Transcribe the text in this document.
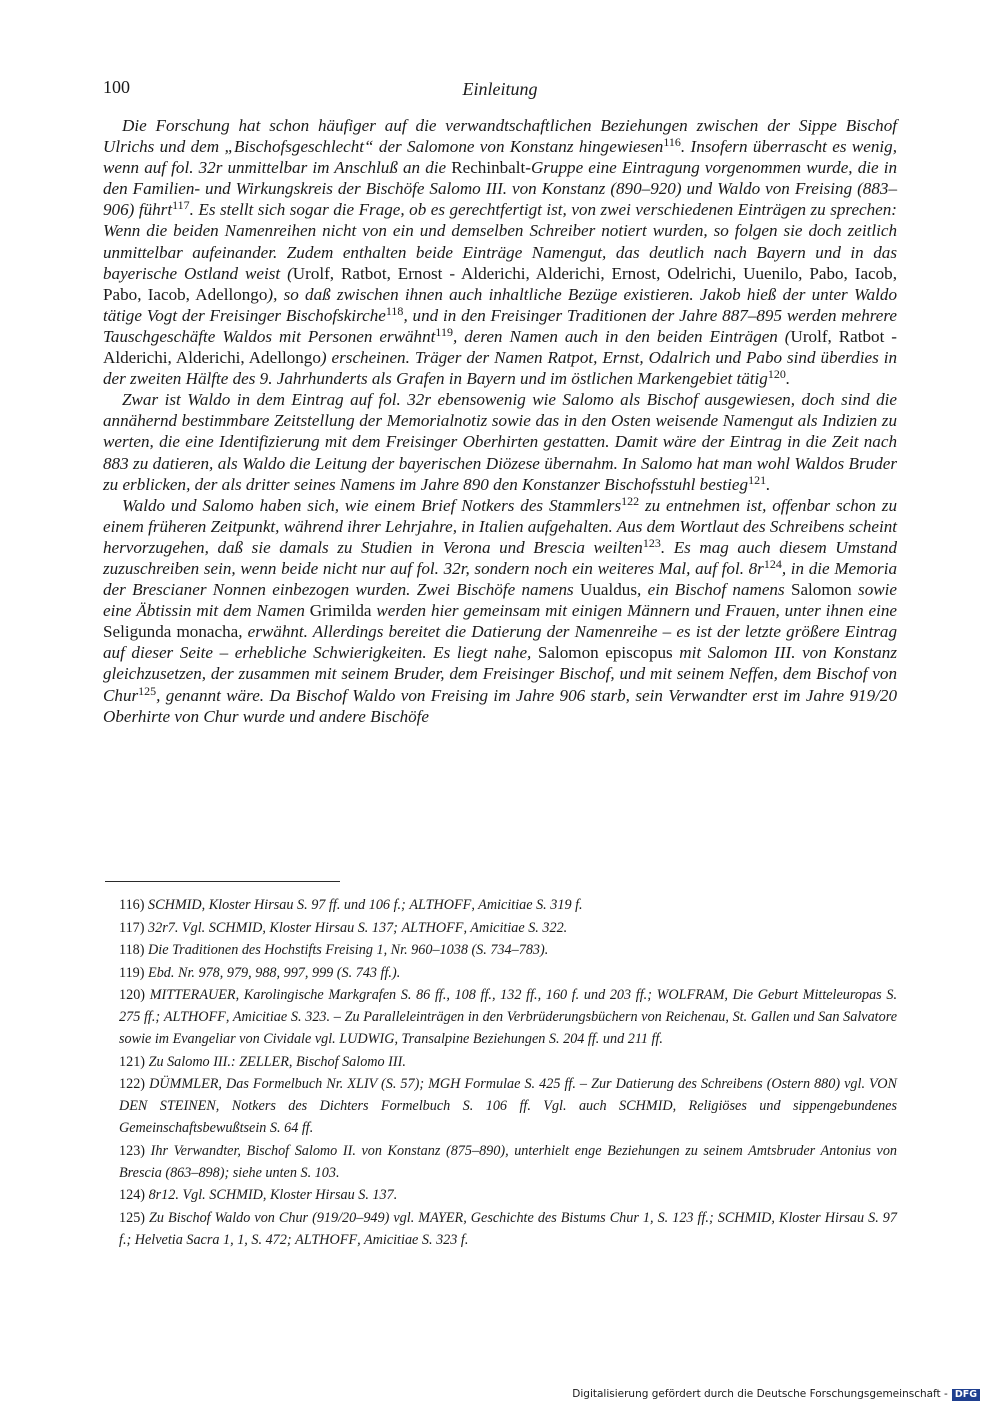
100	Einleitung

Die Forschung hat schon häufiger auf die verwandtschaftlichen Beziehungen zwischen der Sippe Bischof Ulrichs und dem „Bischofsgeschlecht“ der Salomone von Konstanz hingewiesen$^{116}$. Insofern überrascht es wenig, wenn auf fol. 32r unmittelbar im Anschluß an die Rechinbalt-Gruppe eine Eintragung vorgenommen wurde, die in den Familien- und Wirkungskreis der Bischöfe Salomo III. von Konstanz (890–920) und Waldo von Freising (883–906) führt$^{117}$. Es stellt sich sogar die Frage, ob es gerechtfertigt ist, von zwei verschiedenen Einträgen zu sprechen: Wenn die beiden Namenreihen nicht von ein und demselben Schreiber notiert wurden, so folgen sie doch zeitlich unmittelbar aufeinander. Zudem enthalten beide Einträge Namengut, das deutlich nach Bayern und in das bayerische Ostland weist (Urolf, Ratbot, Ernost - Alderichi, Alderichi, Ernost, Odelrichi, Uuenilo, Pabo, Iacob, Pabo, Iacob, Adellongo), so daß zwischen ihnen auch inhaltliche Bezüge existieren. Jakob hieß der unter Waldo tätige Vogt der Freisinger Bischofskirche$^{118}$, und in den Freisinger Traditionen der Jahre 887–895 werden mehrere Tauschgeschäfte Waldos mit Personen erwähnt$^{119}$, deren Namen auch in den beiden Einträgen (Urolf, Ratbot - Alderichi, Alderichi, Adellongo) erscheinen. Träger der Namen Ratpot, Ernst, Odalrich und Pabo sind überdies in der zweiten Hälfte des 9. Jahrhunderts als Grafen in Bayern und im östlichen Markengebiet tätig$^{120}$.

Zwar ist Waldo in dem Eintrag auf fol. 32r ebensowenig wie Salomo als Bischof ausgewiesen, doch sind die annähernd bestimmbare Zeitstellung der Memorialnotiz sowie das in den Osten weisende Namengut als Indizien zu werten, die eine Identifizierung mit dem Freisinger Oberhirten gestatten. Damit wäre der Eintrag in die Zeit nach 883 zu datieren, als Waldo die Leitung der bayerischen Diözese übernahm. In Salomo hat man wohl Waldos Bruder zu erblicken, der als dritter seines Namens im Jahre 890 den Konstanzer Bischofsstuhl bestieg$^{121}$.

Waldo und Salomo haben sich, wie einem Brief Notkers des Stammlers$^{122}$ zu entnehmen ist, offenbar schon zu einem früheren Zeitpunkt, während ihrer Lehrjahre, in Italien aufgehalten. Aus dem Wortlaut des Schreibens scheint hervorzugehen, daß sie damals zu Studien in Verona und Brescia weilten$^{123}$. Es mag auch diesem Umstand zuzuschreiben sein, wenn beide nicht nur auf fol. 32r, sondern noch ein weiteres Mal, auf fol. $8r^{124}$, in die Memoria der Brescianer Nonnen einbezogen wurden. Zwei Bischöfe namens Uualdus, ein Bischof namens Salomon sowie eine Äbtissin mit dem Namen Grimilda werden hier gemeinsam mit einigen Männern und Frauen, unter ihnen eine Seligunda monacha, erwähnt. Allerdings bereitet die Datierung der Namenreihe – es ist der letzte größere Eintrag auf dieser Seite – erhebliche Schwierigkeiten. Es liegt nahe, Salomon episcopus mit Salomon III. von Konstanz gleichzusetzen, der zusammen mit seinem Bruder, dem Freisinger Bischof, und mit seinem Neffen, dem Bischof von Chur$^{125}$, genannt wäre. Da Bischof Waldo von Freising im Jahre 906 starb, sein Verwandter erst im Jahre 919/20 Oberhirte von Chur wurde und andere Bischöfe

116) SCHMID, Kloster Hirsau S. 97 ff. und 106 f.; ALTHOFF, Amicitiae S. 319 f.

117) 32r7. Vgl. SCHMID, Kloster Hirsau S. 137; ALTHOFF, Amicitiae S. 322.

118) Die Traditionen des Hochstifts Freising 1, Nr. 960–1038 (S. 734–783).

119) Ebd. Nr. 978, 979, 988, 997, 999 (S. 743 ff.).

120) MITTERAUER, Karolingische Markgrafen S. 86 ff., 108 ff., 132 ff., 160 f. und 203 ff.; WOLFRAM, Die Geburt Mitteleuropas S. 275 ff.; ALTHOFF, Amicitiae S. 323. – Zu Paralleleinträgen in den Verbrüderungsbüchern von Reichenau, St. Gallen und San Salvatore sowie im Evangeliar von Cividale vgl. LUDWIG, Transalpine Beziehungen S. 204 ff. und 211 ff.

121) Zu Salomo III.: ZELLER, Bischof Salomo III.

122) DÜMMLER, Das Formelbuch Nr. XLIV (S. 57); MGH Formulae S. 425 ff. – Zur Datierung des Schreibens (Ostern 880) vgl. VON DEN STEINEN, Notkers des Dichters Formelbuch S. 106 ff. Vgl. auch SCHMID, Religiöses und sippengebundenes Gemeinschaftsbewußtsein S. 64 ff.

123) Ihr Verwandter, Bischof Salomo II. von Konstanz (875–890), unterhielt enge Beziehungen zu seinem Amtsbruder Antonius von Brescia (863–898); siehe unten S. 103.

124) 8r12. Vgl. SCHMID, Kloster Hirsau S. 137.

125) Zu Bischof Waldo von Chur (919/20–949) vgl. MAYER, Geschichte des Bistums Chur 1, S. 123 ff.; SCHMID, Kloster Hirsau S. 97 f.; Helvetia Sacra 1, 1, S. 472; ALTHOFF, Amicitiae S. 323 f.

Digitalisierung gefördert durch die Deutsche Forschungsgemeinschaft - DFG
